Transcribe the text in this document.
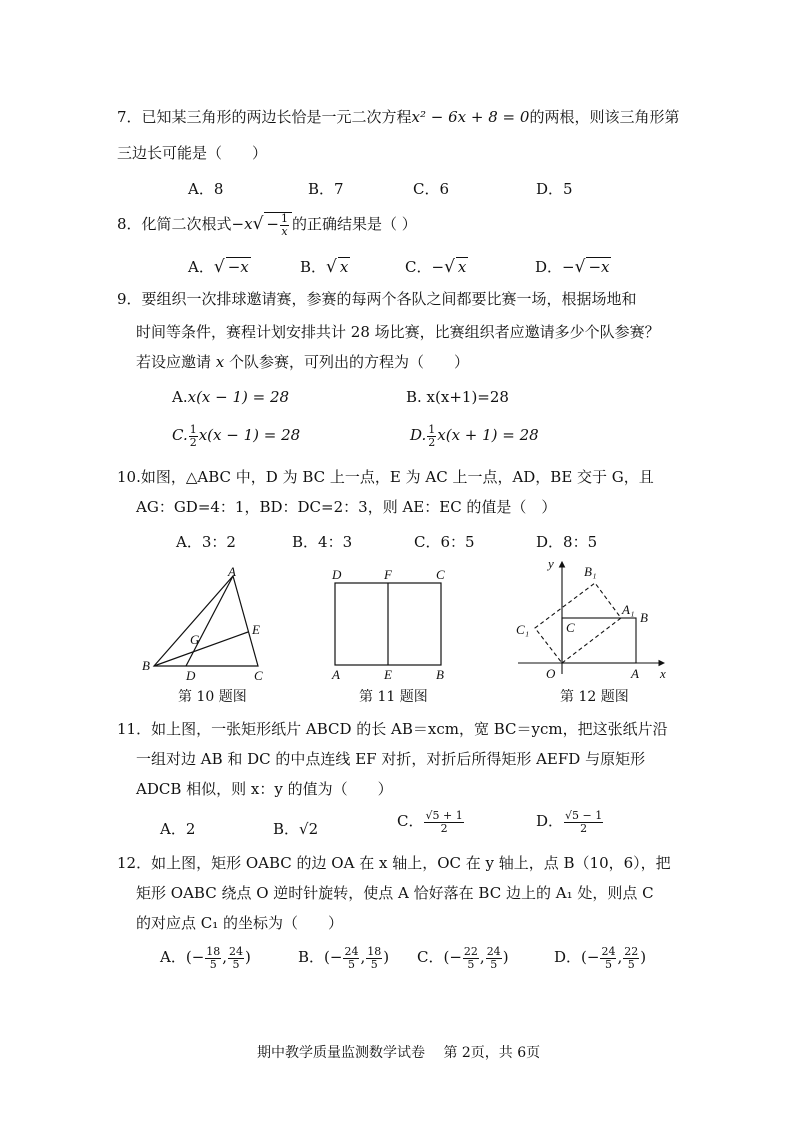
7．已知某三角形的两边长恰是一元二次方程x² − 6x + 8 = 0的两根，则该三角形第
三边长可能是（　　）
A．8	B．7	C．6	D．5
8．化简二次根式$-x√ - \frac{1}{x}$ 的正确结果是（ ）
A．√ −x	B．√ x	C．−√ x	D．−√ −x
9．要组织一次排球邀请赛，参赛的每两个各队之间都要比赛一场，根据场地和
时间等条件，赛程计划安排共计 28 场比赛，比赛组织者应邀请多少个队参赛？
若设应邀请 x 个队参赛，可列出的方程为（　　）
A.x(x − 1) = 28	B. x(x+1)=28
C. $\frac{1}{2} x(x - 1) = 28$	D. $\frac{1}{2} x(x + 1) = 28$
10.如图，△ABC 中，D 为 BC 上一点，E 为 AC 上一点，AD，BE 交于 G，且
AG：GD=4：1，BD：DC=2：3，则 AE：EC 的值是（　）
A．3：2	B．4：3	C．6：5	D．8：5
A
B
C
D
E
G
第 10 题图
D	F	C
A	E	B
第 11 题图
y
B₁
A₁
B
C₁	C
O	A x
第 12 题图
11．如上图，一张矩形纸片 ABCD 的长 AB＝xcm，宽 BC＝ycm，把这张纸片沿
一组对边 AB 和 DC 的中点连线 EF 对折，对折后所得矩形 AEFD 与原矩形
ADCB 相似，则 x：y 的值为（　　）
A．2	B．√2	C． $\frac{√5 + 1}{2}$	D． $\frac{√5 - 1}{2}$
12．如上图，矩形 OABC 的边 OA 在 x 轴上，OC 在 y 轴上，点 B（10，6），把
矩形 OABC 绕点 O 逆时针旋转，使点 A 恰好落在 BC 边上的 A₁ 处，则点 C
的对应点 C₁ 的坐标为（　　）
A．(− $\frac{18}{5}$ , $\frac{24}{5}$ )	B．(− $\frac{24}{5}$ , $\frac{18}{5}$ ) C．(− $\frac{22}{5}$ , $\frac{24}{5}$ )	D．(− $\frac{24}{5}$ , $\frac{22}{5}$ )
期中教学质量监测数学试卷　 第 2页，共 6页
